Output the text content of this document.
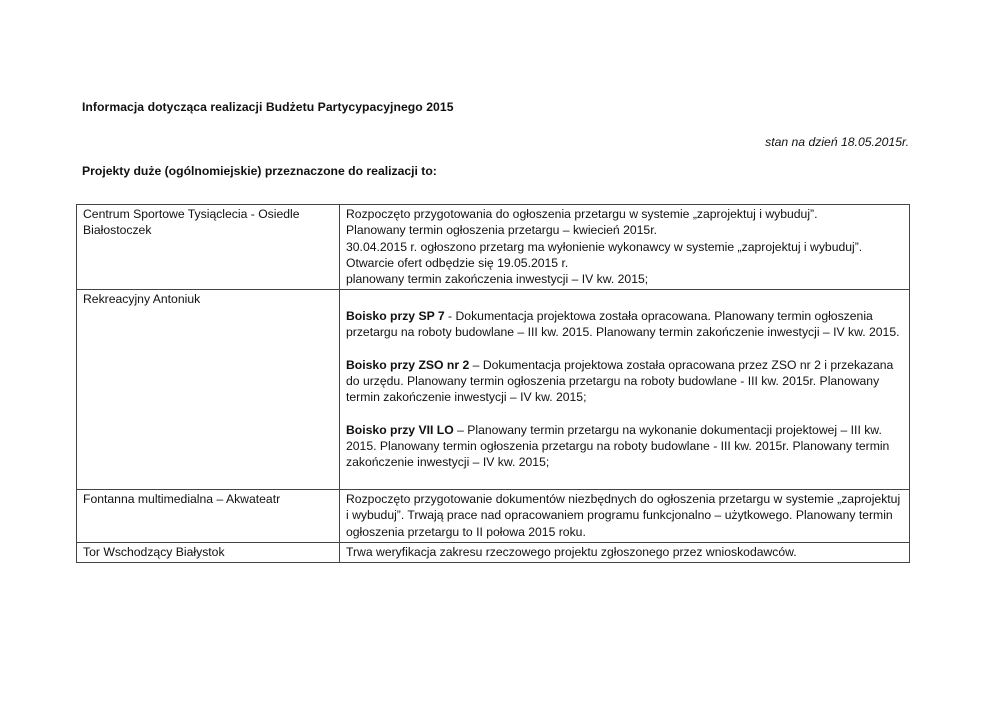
Informacja dotycząca realizacji Budżetu Partycypacyjnego 2015
stan na dzień 18.05.2015r.
Projekty duże (ogólnomiejskie) przeznaczone do realizacji to:
Centrum Sportowe Tysiąclecia - Osiedle Białostoczek	Rozpoczęto przygotowania do ogłoszenia przetargu w systemie „zaprojektuj i wybuduj”.
Planowany termin ogłoszenia przetargu – kwiecień 2015r.
30.04.2015 r. ogłoszono przetarg ma wyłonienie wykonawcy w systemie „zaprojektuj i wybuduj”.
Otwarcie ofert odbędzie się 19.05.2015 r.
planowany termin zakończenia inwestycji – IV kw. 2015;

Rekreacyjny Antoniuk	Boisko przy SP 7 - Dokumentacja projektowa została opracowana. Planowany termin ogłoszenia przetargu na roboty budowlane – III kw. 2015. Planowany termin zakończenie inwestycji – IV kw. 2015.

Boisko przy ZSO nr 2 – Dokumentacja projektowa została opracowana przez ZSO nr 2 i przekazana do urzędu. Planowany termin ogłoszenia przetargu na roboty budowlane - III kw. 2015r. Planowany termin zakończenie inwestycji – IV kw. 2015;

Boisko przy VII LO – Planowany termin przetargu na wykonanie dokumentacji projektowej – III kw. 2015. Planowany termin ogłoszenia przetargu na roboty budowlane - III kw. 2015r. Planowany termin zakończenie inwestycji – IV kw. 2015;

Fontanna multimedialna – Akwateatr	Rozpoczęto przygotowanie dokumentów niezbędnych do ogłoszenia przetargu w systemie „zaprojektuj i wybuduj”. Trwają prace nad opracowaniem programu funkcjonalno – użytkowego. Planowany termin ogłoszenia przetargu to II połowa 2015 roku.

Tor Wschodzący Białystok	Trwa weryfikacja zakresu rzeczowego projektu zgłoszonego przez wnioskodawców.
